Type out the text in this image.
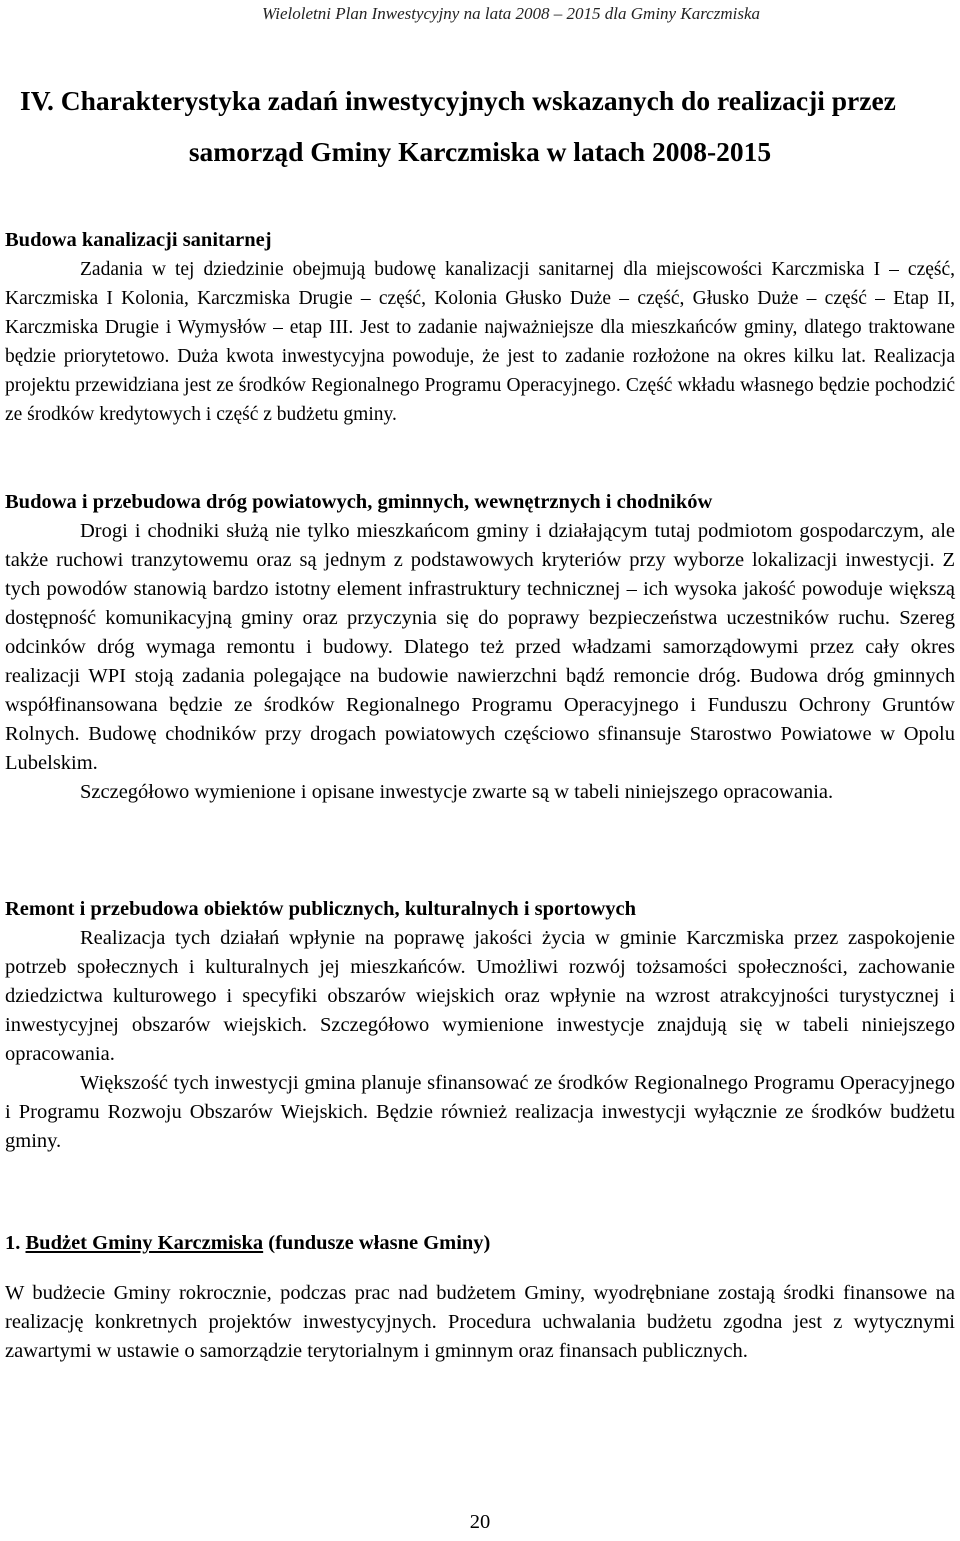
Wieloletni Plan Inwestycyjny na lata 2008 – 2015 dla Gminy Karczmiska
IV. Charakterystyka zadań inwestycyjnych wskazanych do realizacji przez
samorząd Gminy Karczmiska w latach 2008-2015
Budowa kanalizacji sanitarnej

Zadania w tej dziedzinie obejmują budowę kanalizacji sanitarnej dla miejscowości Karczmiska I – część, Karczmiska I Kolonia, Karczmiska Drugie – część, Kolonia Głusko Duże – część, Głusko Duże – część – Etap II, Karczmiska Drugie i Wymysłów – etap III. Jest to zadanie najważniejsze dla mieszkańców gminy, dlatego traktowane będzie priorytetowo. Duża kwota inwestycyjna powoduje, że jest to zadanie rozłożone na okres kilku lat. Realizacja projektu przewidziana jest ze środków Regionalnego Programu Operacyjnego. Część wkładu własnego będzie pochodzić ze środków kredytowych i część z budżetu gminy.

Budowa i przebudowa dróg powiatowych, gminnych, wewnętrznych i chodników

Drogi i chodniki służą nie tylko mieszkańcom gminy i działającym tutaj podmiotom gospodarczym, ale także ruchowi tranzytowemu oraz są jednym z podstawowych kryteriów przy wyborze lokalizacji inwestycji. Z tych powodów stanowią bardzo istotny element infrastruktury technicznej – ich wysoka jakość powoduje większą dostępność komunikacyjną gminy oraz przyczynia się do poprawy bezpieczeństwa uczestników ruchu. Szereg odcinków dróg wymaga remontu i budowy. Dlatego też przed władzami samorządowymi przez cały okres realizacji WPI stoją zadania polegające na budowie nawierzchni bądź remoncie dróg. Budowa dróg gminnych współfinansowana będzie ze środków Regionalnego Programu Operacyjnego i Funduszu Ochrony Gruntów Rolnych. Budowę chodników przy drogach powiatowych częściowo sfinansuje Starostwo Powiatowe w Opolu Lubelskim.

Szczegółowo wymienione i opisane inwestycje zwarte są w tabeli niniejszego opracowania.

Remont i przebudowa obiektów publicznych, kulturalnych i sportowych

Realizacja tych działań wpłynie na poprawę jakości życia w gminie Karczmiska przez zaspokojenie potrzeb społecznych i kulturalnych jej mieszkańców. Umożliwi rozwój tożsamości społeczności, zachowanie dziedzictwa kulturowego i specyfiki obszarów wiejskich oraz wpłynie na wzrost atrakcyjności turystycznej i inwestycyjnej obszarów wiejskich. Szczegółowo wymienione inwestycje znajdują się w tabeli niniejszego opracowania.

Większość tych inwestycji gmina planuje sfinansować ze środków Regionalnego Programu Operacyjnego i Programu Rozwoju Obszarów Wiejskich. Będzie również realizacja inwestycji wyłącznie ze środków budżetu gminy.

1. Budżet Gminy Karczmiska (fundusze własne Gminy)

W budżecie Gminy rokrocznie, podczas prac nad budżetem Gminy, wyodrębniane zostają środki finansowe na realizację konkretnych projektów inwestycyjnych. Procedura uchwalania budżetu zgodna jest z wytycznymi zawartymi w ustawie o samorządzie terytorialnym i gminnym oraz finansach publicznych.

20
